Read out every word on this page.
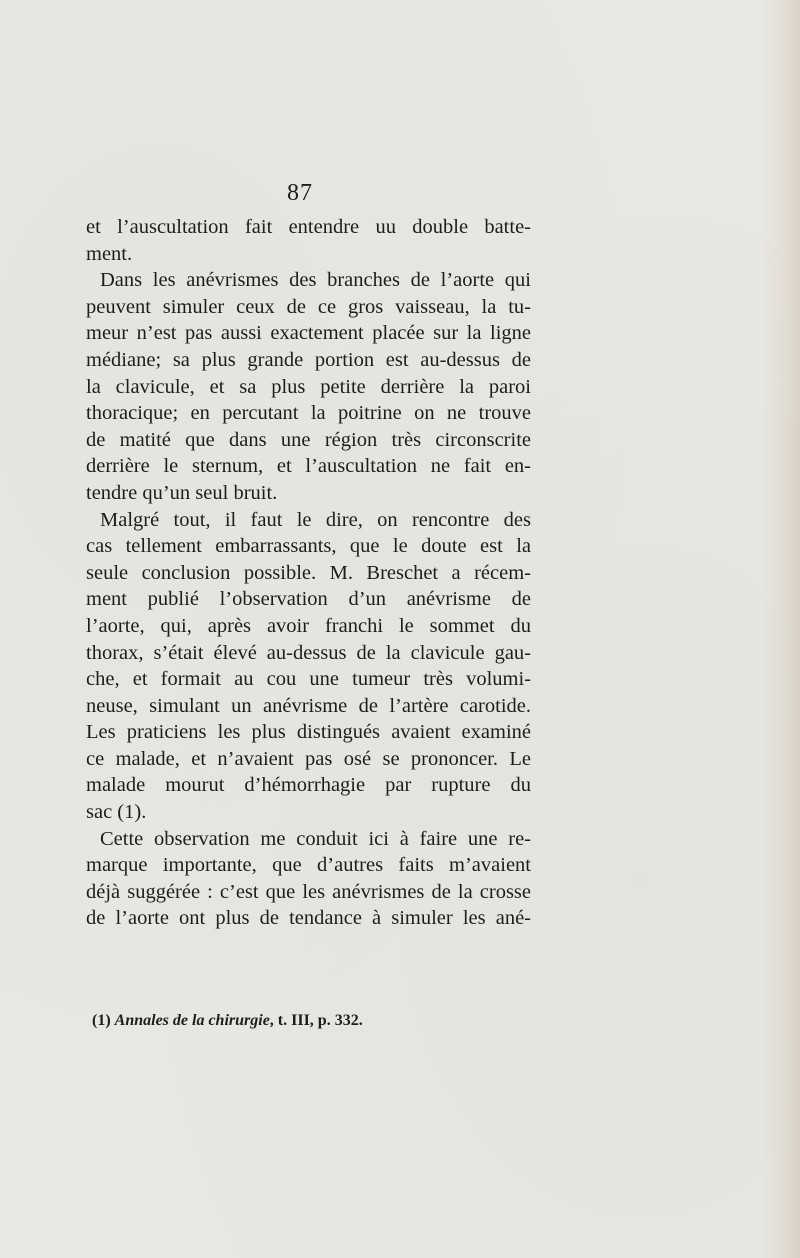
87
et l’auscultation fait entendre uu double batte-
ment.
Dans les anévrismes des branches de l’aorte qui
peuvent simuler ceux de ce gros vaisseau, la tu-
meur n’est pas aussi exactement placée sur la ligne
médiane; sa plus grande portion est au-dessus de
la clavicule, et sa plus petite derrière la paroi
thoracique; en percutant la poitrine on ne trouve
de matité que dans une région très circonscrite
derrière le sternum, et l’auscultation ne fait en-
tendre qu’un seul bruit.
Malgré tout, il faut le dire, on rencontre des
cas tellement embarrassants, que le doute est la
seule conclusion possible. M. Breschet a récem-
ment publié l’observation d’un anévrisme de
l’aorte, qui, après avoir franchi le sommet du
thorax, s’était élevé au-dessus de la clavicule gau-
che, et formait au cou une tumeur très volumi-
neuse, simulant un anévrisme de l’artère carotide.
Les praticiens les plus distingués avaient examiné
ce malade, et n’avaient pas osé se prononcer. Le
malade mourut d’hémorrhagie par rupture du
sac (1).
Cette observation me conduit ici à faire une re-
marque importante, que d’autres faits m’avaient
déjà suggérée : c’est que les anévrismes de la crosse
de l’aorte ont plus de tendance à simuler les ané-
(1) Annales de la chirurgie, t. III, p. 332.
